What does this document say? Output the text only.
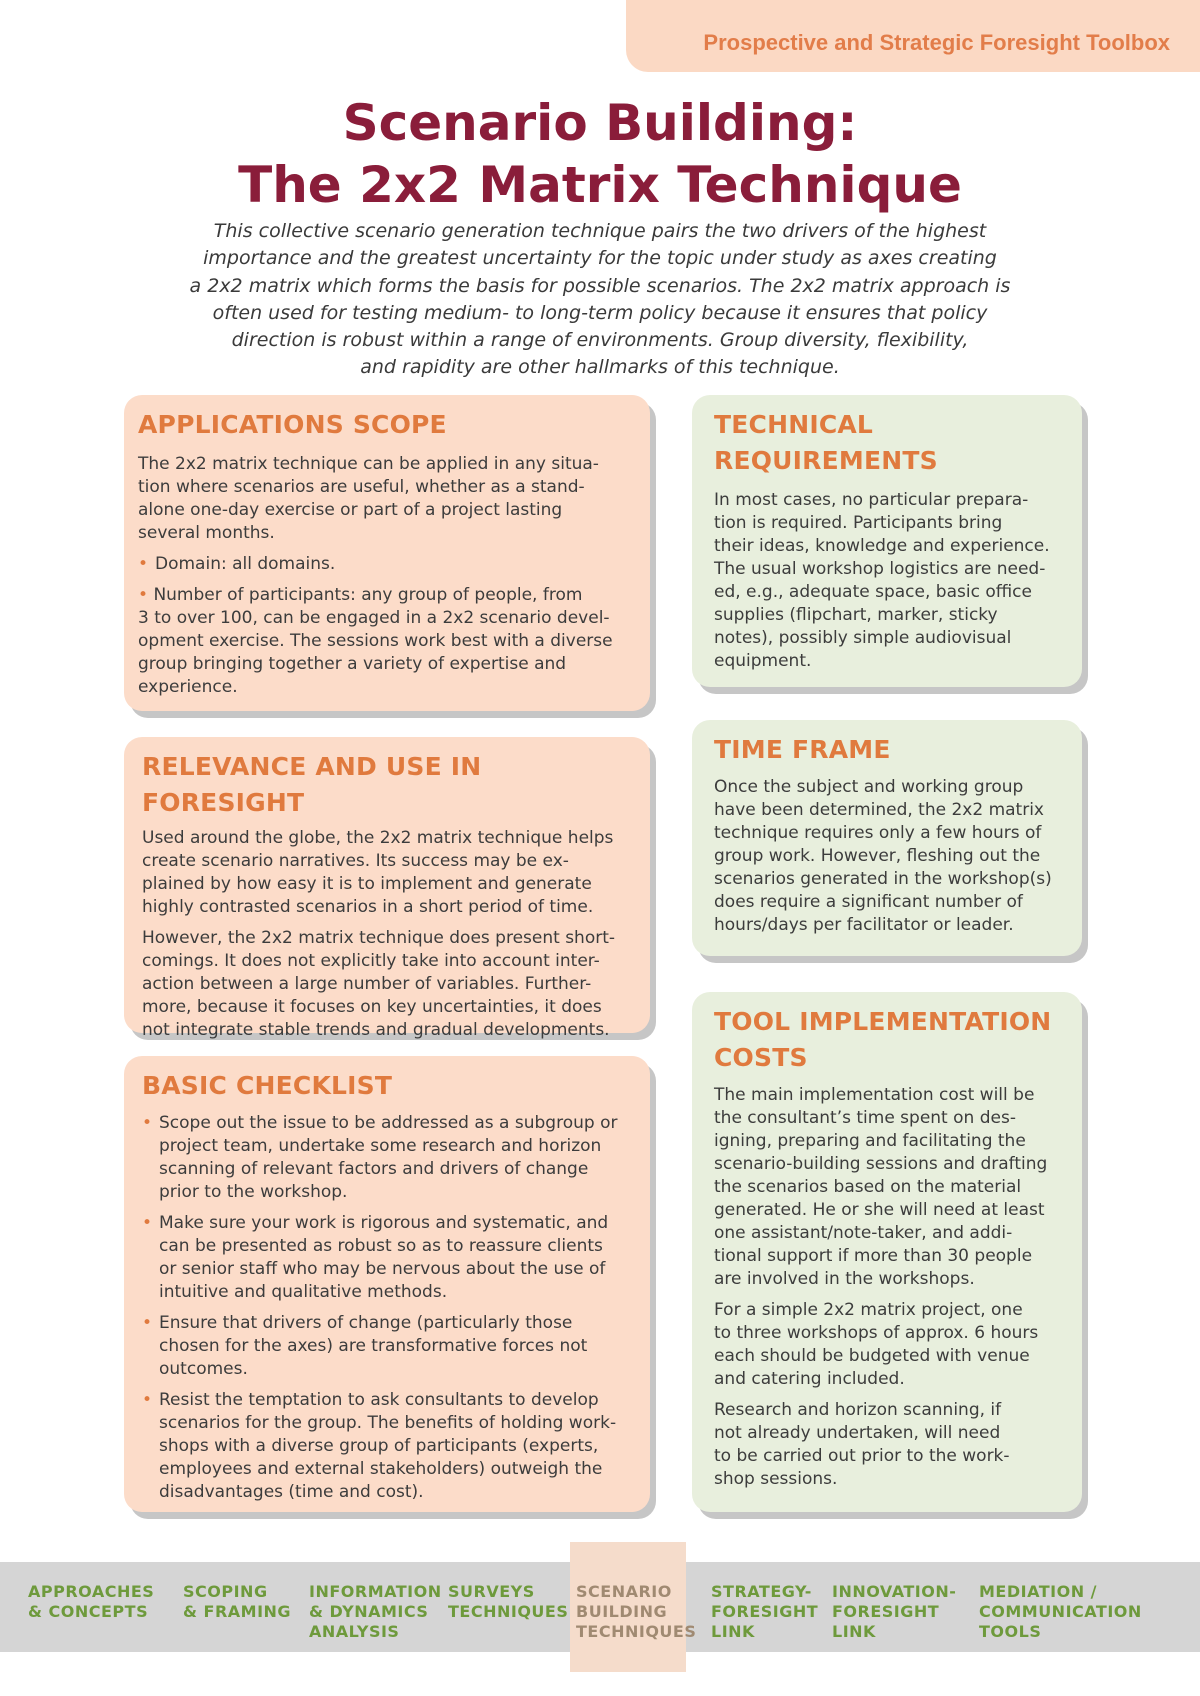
Prospective and Strategic Foresight Toolbox
Scenario Building:
The 2x2 Matrix Technique
This collective scenario generation technique pairs the two drivers of the highest
importance and the greatest uncertainty for the topic under study as axes creating
a 2x2 matrix which forms the basis for possible scenarios. The 2x2 matrix approach is
often used for testing medium- to long-term policy because it ensures that policy
direction is robust within a range of environments. Group diversity, flexibility,
and rapidity are other hallmarks of this technique.
APPLICATIONS SCOPE

The 2x2 matrix technique can be applied in any situa-
tion where scenarios are useful, whether as a stand-
alone one-day exercise or part of a project lasting
several months.

• Domain: all domains.
• Number of participants: any group of people, from
3 to over 100, can be engaged in a 2x2 scenario devel-
opment exercise. The sessions work best with a diverse
group bringing together a variety of expertise and
experience.
RELEVANCE AND USE IN FORESIGHT

Used around the globe, the 2x2 matrix technique helps
create scenario narratives. Its success may be ex-
plained by how easy it is to implement and generate
highly contrasted scenarios in a short period of time.

However, the 2x2 matrix technique does present short-
comings. It does not explicitly take into account inter-
action between a large number of variables. Further-
more, because it focuses on key uncertainties, it does
not integrate stable trends and gradual developments.

BASIC CHECKLIST
• Scope out the issue to be addressed as a subgroup or
project team, undertake some research and horizon
scanning of relevant factors and drivers of change
prior to the workshop.
• Make sure your work is rigorous and systematic, and
can be presented as robust so as to reassure clients
or senior staff who may be nervous about the use of
intuitive and qualitative methods.
• Ensure that drivers of change (particularly those
chosen for the axes) are transformative forces not
outcomes.
• Resist the temptation to ask consultants to develop
scenarios for the group. The benefits of holding work-
shops with a diverse group of participants (experts,
employees and external stakeholders) outweigh the
disadvantages (time and cost).
TECHNICAL
REQUIREMENTS

In most cases, no particular prepara-
tion is required. Participants bring
their ideas, knowledge and experience.
The usual workshop logistics are need-
ed, e.g., adequate space, basic office
supplies (flipchart, marker, sticky
notes), possibly simple audiovisual
equipment.

TIME FRAME

Once the subject and working group
have been determined, the 2x2 matrix
technique requires only a few hours of
group work. However, fleshing out the
scenarios generated in the workshop(s)
does require a significant number of
hours/days per facilitator or leader.

TOOL IMPLEMENTATION
COSTS

The main implementation cost will be
the consultant’s time spent on des-
igning, preparing and facilitating the
scenario-building sessions and drafting
the scenarios based on the material
generated. He or she will need at least
one assistant/note-taker, and addi-
tional support if more than 30 people
are involved in the workshops.

For a simple 2x2 matrix project, one
to three workshops of approx. 6 hours
each should be budgeted with venue
and catering included.

Research and horizon scanning, if
not already undertaken, will need
to be carried out prior to the work-
shop sessions.

APPROACHES
& CONCEPTS
SCOPING
& FRAMING
INFORMATION
& DYNAMICS
ANALYSIS
SURVEYS
TECHNIQUES
SCENARIO
BUILDING
TECHNIQUES
STRATEGY-
FORESIGHT
LINK
INNOVATION-
FORESIGHT
LINK
MEDIATION /
COMMUNICATION
TOOLS
